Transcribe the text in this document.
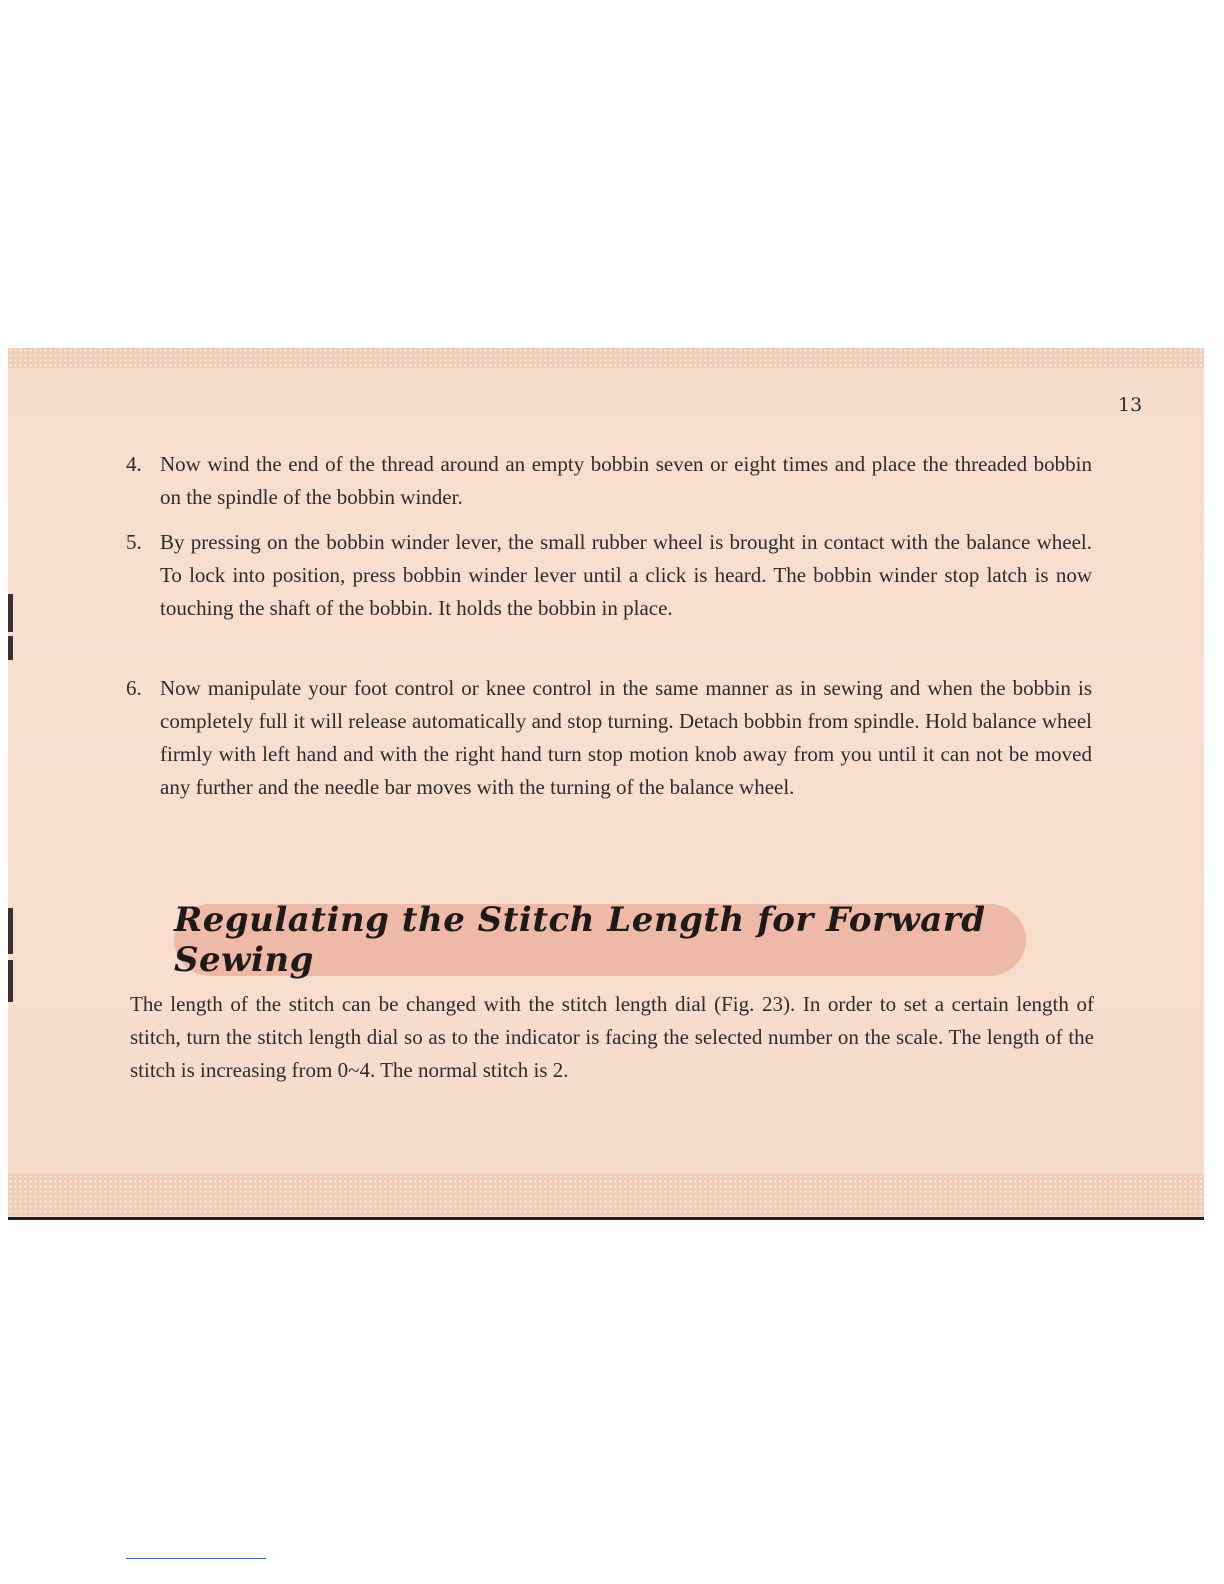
13
4. Now wind the end of the thread around an empty bobbin seven or eight times and place the threaded bobbin on the spindle of the bobbin winder.
5. By pressing on the bobbin winder lever, the small rubber wheel is brought in contact with the balance wheel. To lock into position, press bobbin winder lever until a click is heard. The bobbin winder stop latch is now touching the shaft of the bobbin. It holds the bobbin in place.
6. Now manipulate your foot control or knee control in the same manner as in sewing and when the bobbin is completely full it will release automatically and stop turning. Detach bobbin from spindle. Hold balance wheel firmly with left hand and with the right hand turn stop motion knob away from you until it can not be moved any further and the needle bar moves with the turning of the balance wheel.
Regulating the Stitch Length for Forward Sewing
The length of the stitch can be changed with the stitch length dial (Fig. 23). In order to set a certain length of stitch, turn the stitch length dial so as to the indicator is facing the selected number on the scale. The length of the stitch is increasing from 0~4. The normal stitch is 2.
